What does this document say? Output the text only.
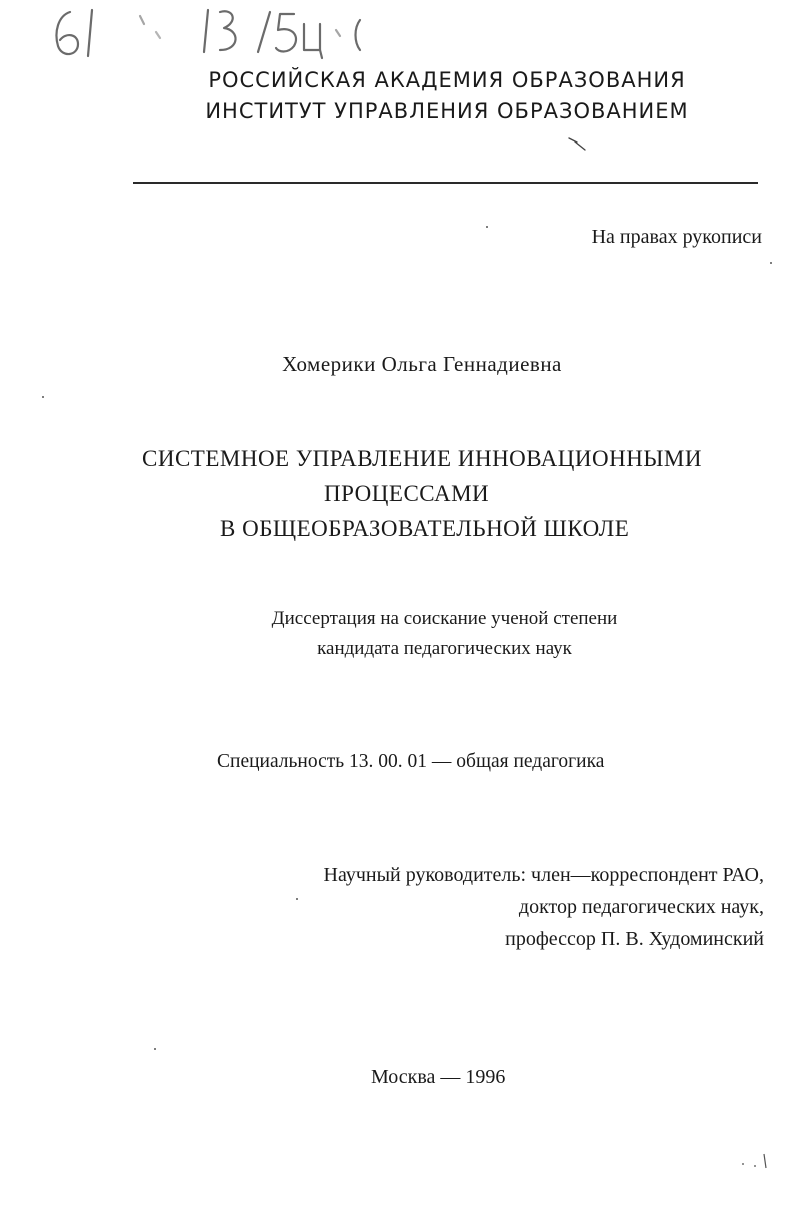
РОССИЙСКАЯ АКАДЕМИЯ ОБРАЗОВАНИЯ
ИНСТИТУТ УПРАВЛЕНИЯ ОБРАЗОВАНИЕМ
На правах рукописи
Хомерики Ольга Геннадиевна
СИСТЕМНОЕ УПРАВЛЕНИЕ ИННОВАЦИОННЫМИ
ПРОЦЕССАМИ
В ОБЩЕОБРАЗОВАТЕЛЬНОЙ ШКОЛЕ
Диссертация на соискание ученой степени
кандидата педагогических наук
Специальность 13. 00. 01 — общая педагогика
Научный руководитель: член—корреспондент РАО,
доктор педагогических наук,
профессор П. В. Худоминский
Москва — 1996
